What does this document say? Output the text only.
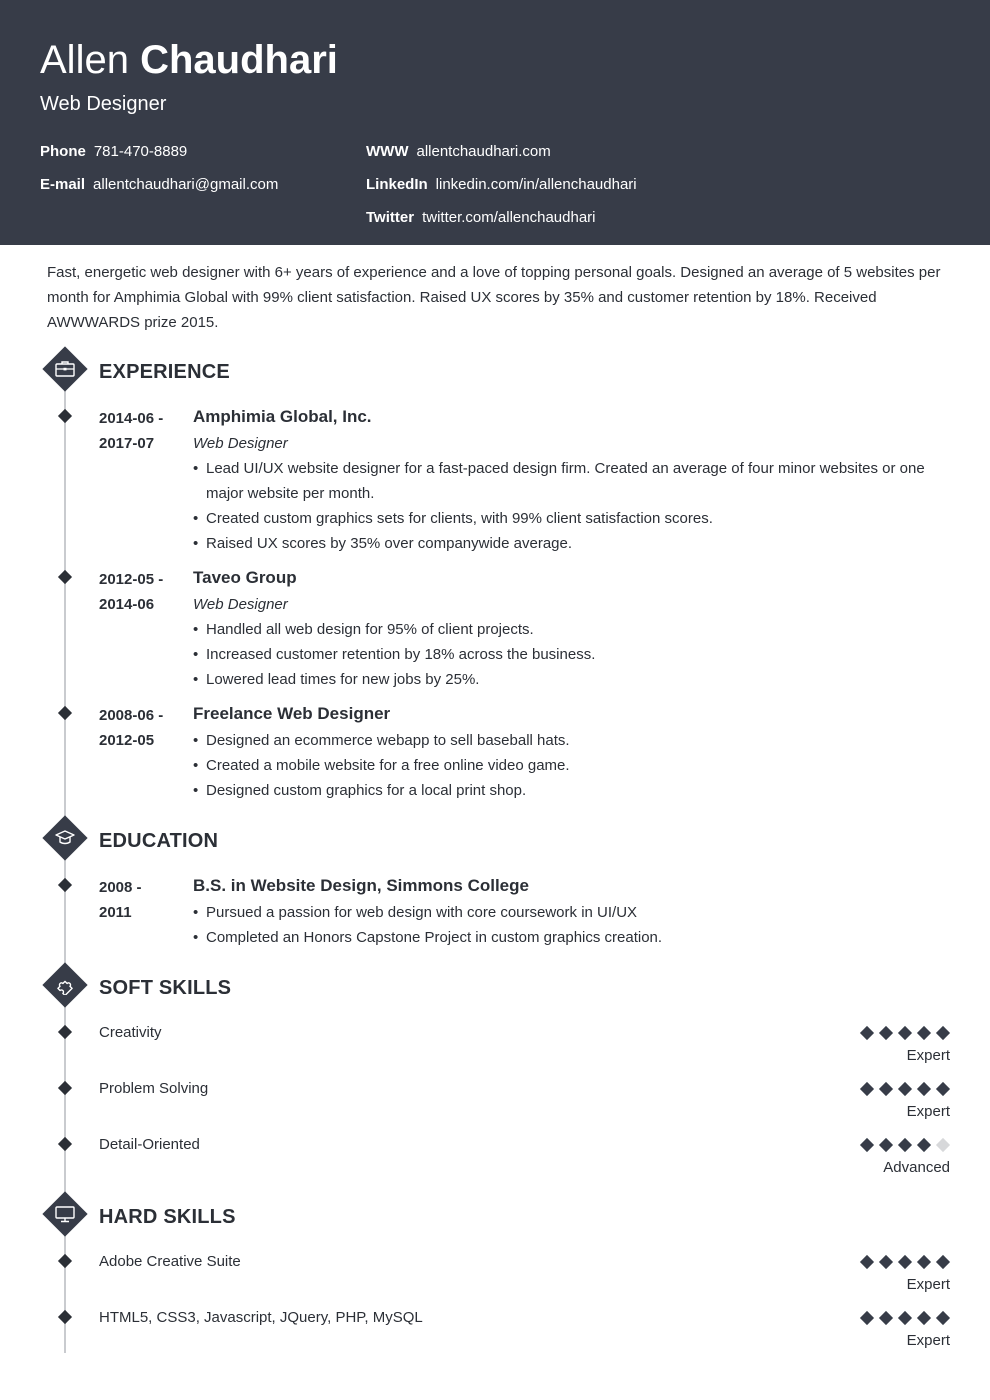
Allen Chaudhari
Web Designer
Phone 781-470-8889
E-mail allentchaudhari@gmail.com
WWW allentchaudhari.com
LinkedIn linkedin.com/in/allenchaudhari
Twitter twitter.com/allenchaudhari

Fast, energetic web designer with 6+ years of experience and a love of topping personal goals. Designed an average of 5 websites per month for Amphimia Global with 99% client satisfaction. Raised UX scores by 35% and customer retention by 18%. Received AWWWARDS prize 2015.

EXPERIENCE
2014-06 -
2017-07
Amphimia Global, Inc.
Web Designer
• Lead UI/UX website designer for a fast-paced design firm. Created an average of four minor websites or one major website per month.
• Created custom graphics sets for clients, with 99% client satisfaction scores.
• Raised UX scores by 35% over companywide average.
2012-05 -
2014-06
Taveo Group
Web Designer
• Handled all web design for 95% of client projects.
• Increased customer retention by 18% across the business.
• Lowered lead times for new jobs by 25%.
2008-06 -
2012-05
Freelance Web Designer
• Designed an ecommerce webapp to sell baseball hats.
• Created a mobile website for a free online video game.
• Designed custom graphics for a local print shop.
EDUCATION
2008 -
2011
B.S. in Website Design, Simmons College
• Pursued a passion for web design with core coursework in UI/UX
• Completed an Honors Capstone Project in custom graphics creation.
SOFT SKILLS
Creativity
Expert
Problem Solving
Expert
Detail-Oriented
Advanced
HARD SKILLS
Adobe Creative Suite
Expert
HTML5, CSS3, Javascript, JQuery, PHP, MySQL
Expert
